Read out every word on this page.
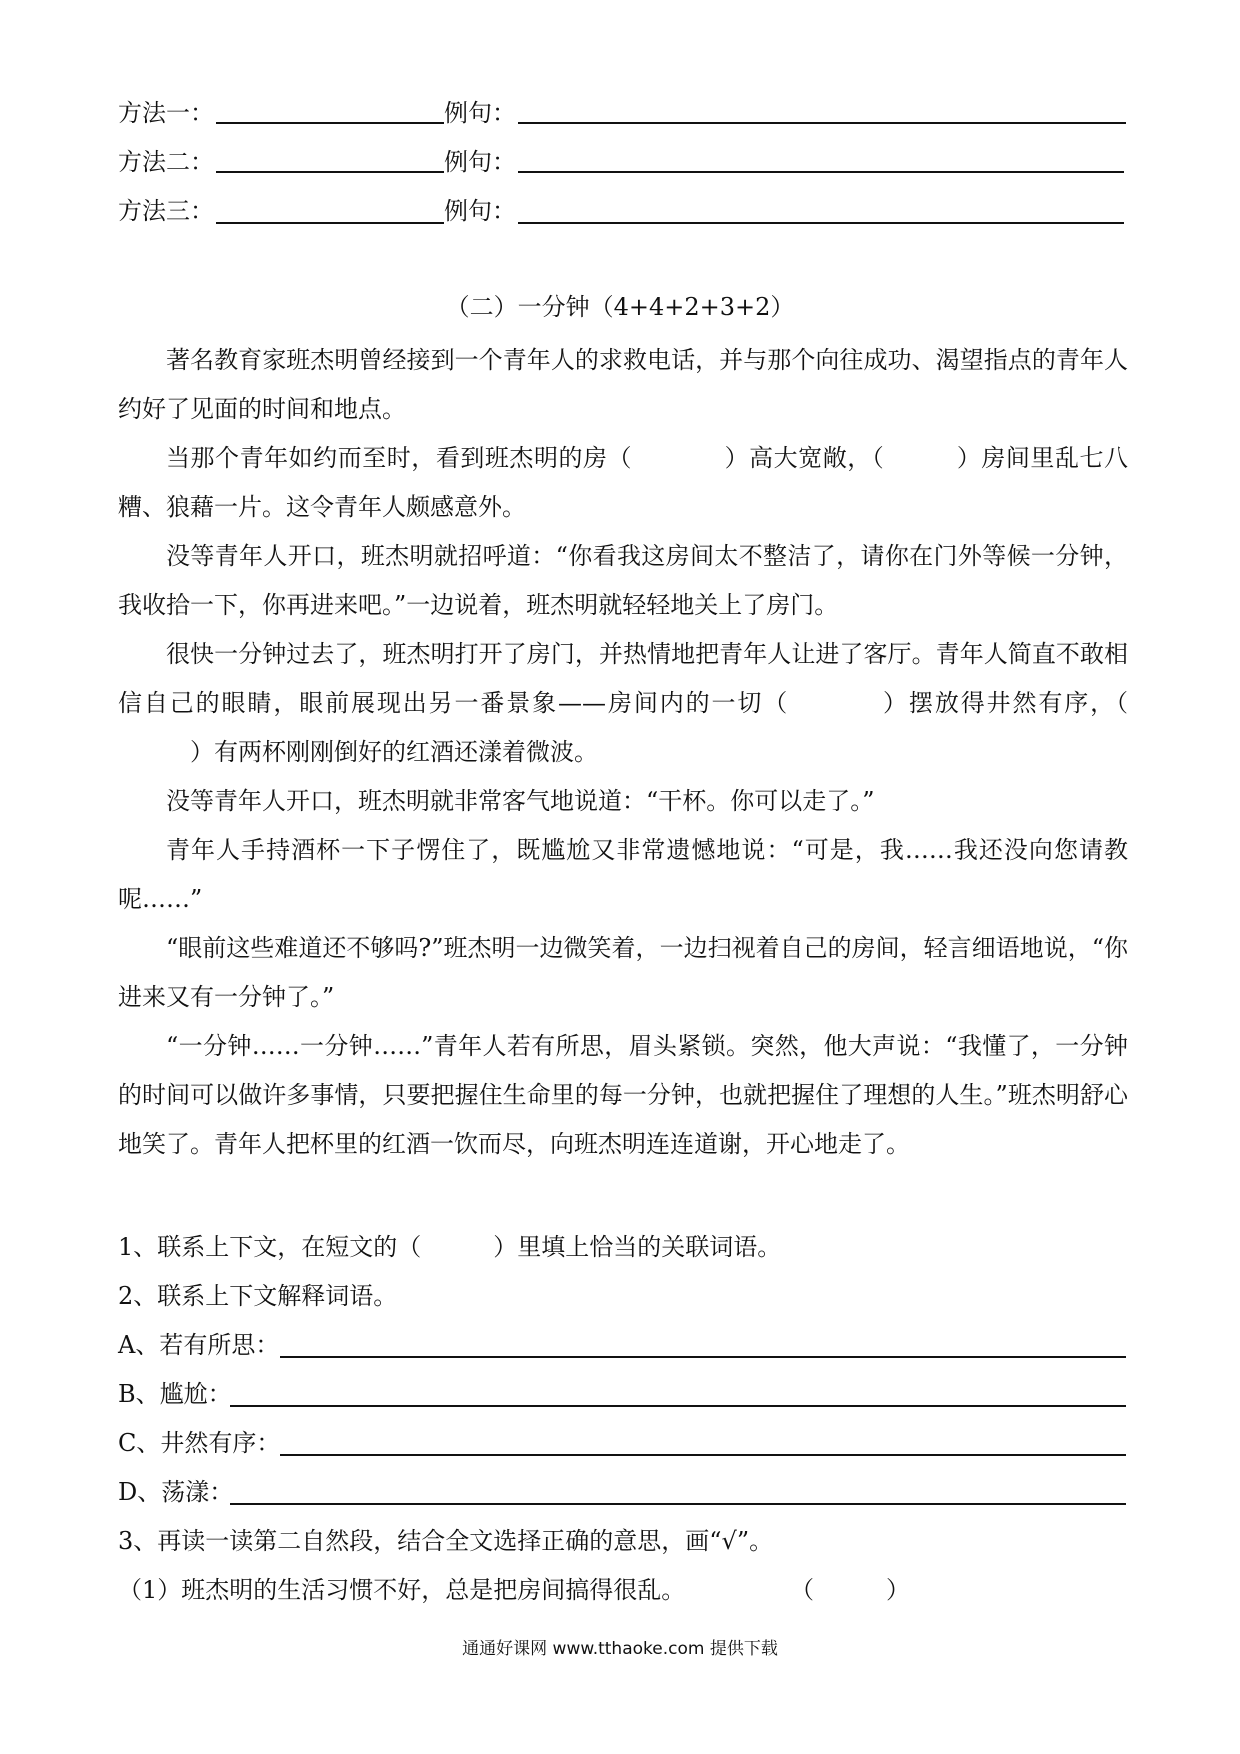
方法一：	例句：
方法二：	例句：
方法三：	例句：
（二）一分钟（4+4+2+3+2）
著名教育家班杰明曾经接到一个青年人的求救电话，并与那个向往成功、渴望指点的青年人约好了见面的时间和地点。
当那个青年如约而至时，看到班杰明的房（	）高大宽敞，（	）房间里乱七八糟、狼藉一片。这令青年人颇感意外。
没等青年人开口，班杰明就招呼道：“你看我这房间太不整洁了，请你在门外等候一分钟，我收拾一下，你再进来吧。”一边说着，班杰明就轻轻地关上了房门。
很快一分钟过去了，班杰明打开了房门，并热情地把青年人让进了客厅。青年人简直不敢相信自己的眼睛，眼前展现出另一番景象——房间内的一切（	）摆放得井然有序，（）有两杯刚刚倒好的红酒还漾着微波。
没等青年人开口，班杰明就非常客气地说道：“干杯。你可以走了。”
青年人手持酒杯一下子愣住了，既尴尬又非常遗憾地说：“可是，我……我还没向您请教呢……”
“眼前这些难道还不够吗?”班杰明一边微笑着，一边扫视着自己的房间，轻言细语地说，“你进来又有一分钟了。”
“一分钟……一分钟……”青年人若有所思，眉头紧锁。突然，他大声说：“我懂了，一分钟的时间可以做许多事情，只要把握住生命里的每一分钟，也就把握住了理想的人生。”班杰明舒心地笑了。青年人把杯里的红酒一饮而尽，向班杰明连连道谢，开心地走了。
1、联系上下文，在短文的（　　　）里填上恰当的关联词语。
2、联系上下文解释词语。
A、若有所思：
B、尴尬：
C、井然有序：
D、荡漾：
3、再读一读第二自然段，结合全文选择正确的意思，画“√”。
（1）班杰明的生活习惯不好，总是把房间搞得很乱。	（　　　）
通通好课网 www.tthaoke.com 提供下载
